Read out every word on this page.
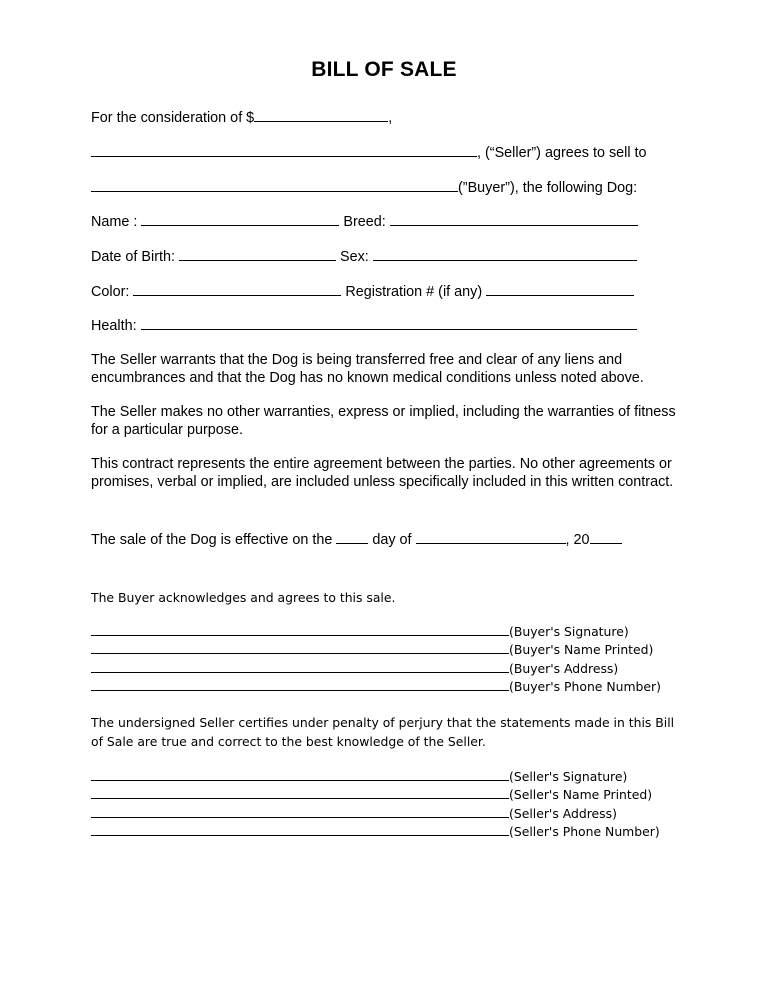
BILL OF SALE
For the consideration of $	,
, (“Seller”) agrees to sell to
(”Buyer”), the following Dog:
Name :	Breed:
Date of Birth:	Sex:
Color:	Registration # (if any)
Health:
The Seller warrants that the Dog is being transferred free and clear of any liens and encumbrances and that the Dog has no known medical conditions unless noted above.
The Seller makes no other warranties, express or implied, including the warranties of fitness for a particular purpose.
This contract represents the entire agreement between the parties. No other agreements or promises, verbal or implied, are included unless specifically included in this written contract.
The sale of the Dog is effective on the	day of	, 20
The Buyer acknowledges and agrees to this sale.
(Buyer's Signature)
(Buyer's Name Printed)
(Buyer's Address)
(Buyer's Phone Number)
The undersigned Seller certifies under penalty of perjury that the statements made in this Bill of Sale are true and correct to the best knowledge of the Seller.
(Seller's Signature)
(Seller's Name Printed)
(Seller's Address)
(Seller's Phone Number)
